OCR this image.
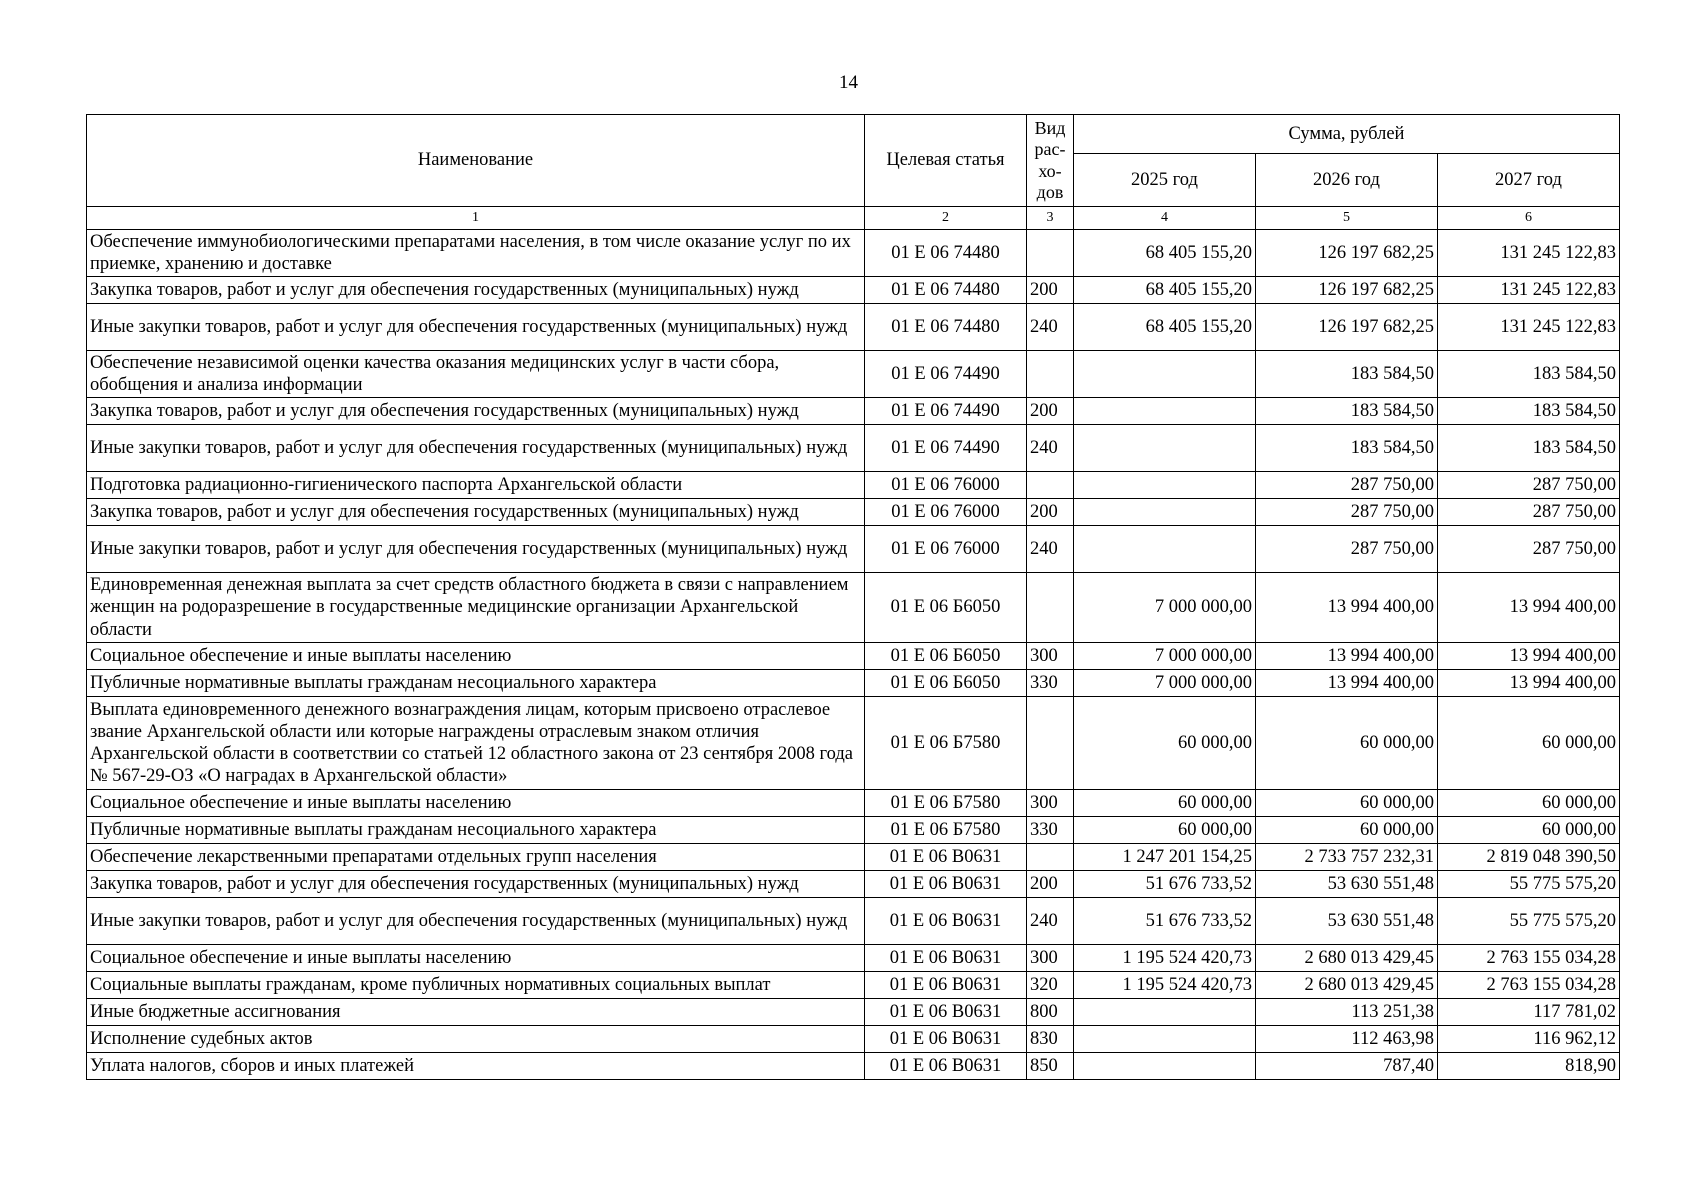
14
Наименование	Целевая статья	Вид рас-хо-дов	Сумма, рублей		
			2025 год	2026 год	2027 год
1	2	3	4	5	6
Обеспечение иммунобиологическими препаратами населения, в том числе оказание услуг по их приемке, хранению и доставке	01 Е 06 74480		68 405 155,20	126 197 682,25	131 245 122,83
Закупка товаров, работ и услуг для обеспечения государственных (муниципальных) нужд	01 Е 06 74480	200	68 405 155,20	126 197 682,25	131 245 122,83
Иные закупки товаров, работ и услуг для обеспечения государственных (муниципальных) нужд	01 Е 06 74480	240	68 405 155,20	126 197 682,25	131 245 122,83
Обеспечение независимой оценки качества оказания медицинских услуг в части сбора, обобщения и анализа информации	01 Е 06 74490			183 584,50	183 584,50
Закупка товаров, работ и услуг для обеспечения государственных (муниципальных) нужд	01 Е 06 74490	200		183 584,50	183 584,50
Иные закупки товаров, работ и услуг для обеспечения государственных (муниципальных) нужд	01 Е 06 74490	240		183 584,50	183 584,50
Подготовка радиационно-гигиенического паспорта Архангельской области	01 Е 06 76000			287 750,00	287 750,00
Закупка товаров, работ и услуг для обеспечения государственных (муниципальных) нужд	01 Е 06 76000	200		287 750,00	287 750,00
Иные закупки товаров, работ и услуг для обеспечения государственных (муниципальных) нужд	01 Е 06 76000	240		287 750,00	287 750,00
Единовременная денежная выплата за счет средств областного бюджета в связи с направлением женщин на родоразрешение в государственные медицинские организации Архангельской области	01 Е 06 Б6050		7 000 000,00	13 994 400,00	13 994 400,00
Социальное обеспечение и иные выплаты населению	01 Е 06 Б6050	300	7 000 000,00	13 994 400,00	13 994 400,00
Публичные нормативные выплаты гражданам несоциального характера	01 Е 06 Б6050	330	7 000 000,00	13 994 400,00	13 994 400,00
Выплата единовременного денежного вознаграждения лицам, которым присвоено отраслевое звание Архангельской области или которые награждены отраслевым знаком отличия Архангельской области в соответствии со статьей 12 областного закона от 23 сентября 2008 года № 567-29-ОЗ «О наградах в Архангельской области»	01 Е 06 Б7580		60 000,00	60 000,00	60 000,00
Социальное обеспечение и иные выплаты населению	01 Е 06 Б7580	300	60 000,00	60 000,00	60 000,00
Публичные нормативные выплаты гражданам несоциального характера	01 Е 06 Б7580	330	60 000,00	60 000,00	60 000,00
Обеспечение лекарственными препаратами отдельных групп населения	01 Е 06 В0631		1 247 201 154,25	2 733 757 232,31	2 819 048 390,50
Закупка товаров, работ и услуг для обеспечения государственных (муниципальных) нужд	01 Е 06 В0631	200	51 676 733,52	53 630 551,48	55 775 575,20
Иные закупки товаров, работ и услуг для обеспечения государственных (муниципальных) нужд	01 Е 06 В0631	240	51 676 733,52	53 630 551,48	55 775 575,20
Социальное обеспечение и иные выплаты населению	01 Е 06 В0631	300	1 195 524 420,73	2 680 013 429,45	2 763 155 034,28
Социальные выплаты гражданам, кроме публичных нормативных социальных выплат	01 Е 06 В0631	320	1 195 524 420,73	2 680 013 429,45	2 763 155 034,28
Иные бюджетные ассигнования	01 Е 06 В0631	800		113 251,38	117 781,02
Исполнение судебных актов	01 Е 06 В0631	830		112 463,98	116 962,12
Уплата налогов, сборов и иных платежей	01 Е 06 В0631	850		787,40	818,90
